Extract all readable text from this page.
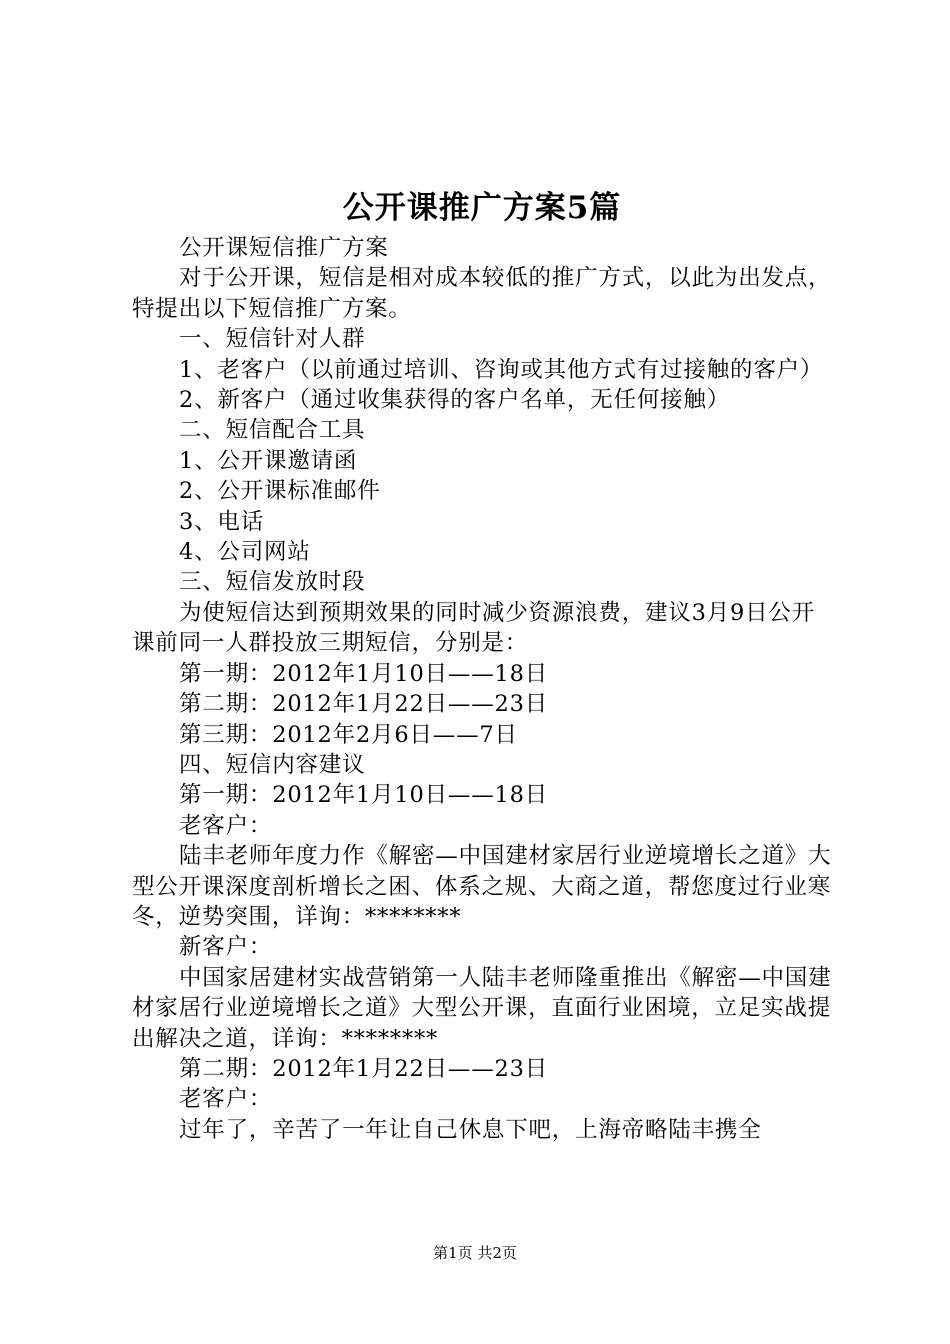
公开课推广方案5篇

公开课短信推广方案

对于公开课，短信是相对成本较低的推广方式，以此为出发点，特提出以下短信推广方案。

一、短信针对人群

1、老客户（以前通过培训、咨询或其他方式有过接触的客户）

2、新客户（通过收集获得的客户名单，无任何接触）

二、短信配合工具

1、公开课邀请函

2、公开课标准邮件

3、电话

4、公司网站

三、短信发放时段

为使短信达到预期效果的同时减少资源浪费，建议3月9日公开课前同一人群投放三期短信，分别是：

第一期：2012年1月10日——18日

第二期：2012年1月22日——23日

第三期：2012年2月6日——7日

四、短信内容建议

第一期：2012年1月10日——18日

老客户：

陆丰老师年度力作《解密—中国建材家居行业逆境增长之道》大型公开课深度剖析增长之困、体系之规、大商之道，帮您度过行业寒冬，逆势突围，详询：********

新客户：

中国家居建材实战营销第一人陆丰老师隆重推出《解密—中国建材家居行业逆境增长之道》大型公开课，直面行业困境，立足实战提出解决之道，详询：********

第二期：2012年1月22日——23日

老客户：

过年了，辛苦了一年让自己休息下吧，上海帝略陆丰携全

第1页 共2页
